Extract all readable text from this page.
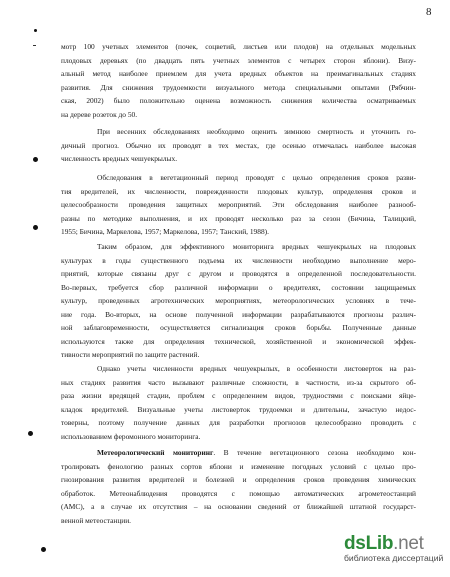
8
мотр 100 учетных элементов (почек, соцветий, листьев или плодов) на отдельных модельных
плодовых деревьях (по двадцать пять учетных элементов с четырех сторон яблони). Визу-
альный метод наиболее приемлем для учета вредных объектов на преимагинальных стадиях
развития. Для снижения трудоемкости визуального метода специальными опытами (Рябчин-
ская, 2002) было положительно оценена возможность снижения количества осматриваемых
на дереве розеток до 50.
При весенних обследованиях необходимо оценить зимнюю смертность и уточнить го-
дичный прогноз. Обычно их проводят в тех местах, где осенью отмечалась наиболее высокая
численность вредных чешуекрылых.
Обследования в вегетационный период проводят с целью определения сроков разви-
тия вредителей, их численности, поврежденности плодовых культур, определения сроков и
целесообразности проведения защитных мероприятий. Эти обследования наиболее разнооб-
разны по методике выполнения, и их проводят несколько раз за сезон (Бичина, Талицкий,
1955; Бичина, Маркелова, 1957; Маркелова, 1957; Танский, 1988).
Таким образом, для эффективного мониторинга вредных чешуекрылых на плодовых
культурах в годы существенного подъема их численности необходимо выполнение меро-
приятий, которые связаны друг с другом и проводятся в определенной последовательности.
Во-первых, требуется сбор различной информации о вредителях, состоянии защищаемых
культур, проведенных агротехнических мероприятиях, метеорологических условиях в тече-
ние года. Во-вторых, на основе полученной информации разрабатываются прогнозы различ-
ной заблаговременности, осуществляется сигнализация сроков борьбы. Полученные данные
используются также для определения технической, хозяйственной и экономической эффек-
тивности мероприятий по защите растений.
Однако учеты численности вредных чешуекрылых, в особенности листоверток на раз-
ных стадиях развития часто вызывают различные сложности, в частности, из-за скрытого об-
раза жизни вредящей стадии, проблем с определением видов, трудностями с поисками яйце-
кладок вредителей. Визуальные учеты листоверток трудоемки и длительны, зачастую недос-
товерны, поэтому получение данных для разработки прогнозов целесообразно проводить с
использованием феромонного мониторинга.
Метеорологический мониторинг. В течение вегетационного сезона необходимо кон-
тролировать фенологию разных сортов яблони и изменение погодных условий с целью про-
гнозирования развития вредителей и болезней и определения сроков проведения химических
обработок. Метеонаблюдения проводятся с помощью автоматических агрометеостанций
(АМС), а в случае их отсутствия – на основании сведений от ближайшей штатной государст-
венной метеостанции.
dsLib.net
библиотека диссертаций
